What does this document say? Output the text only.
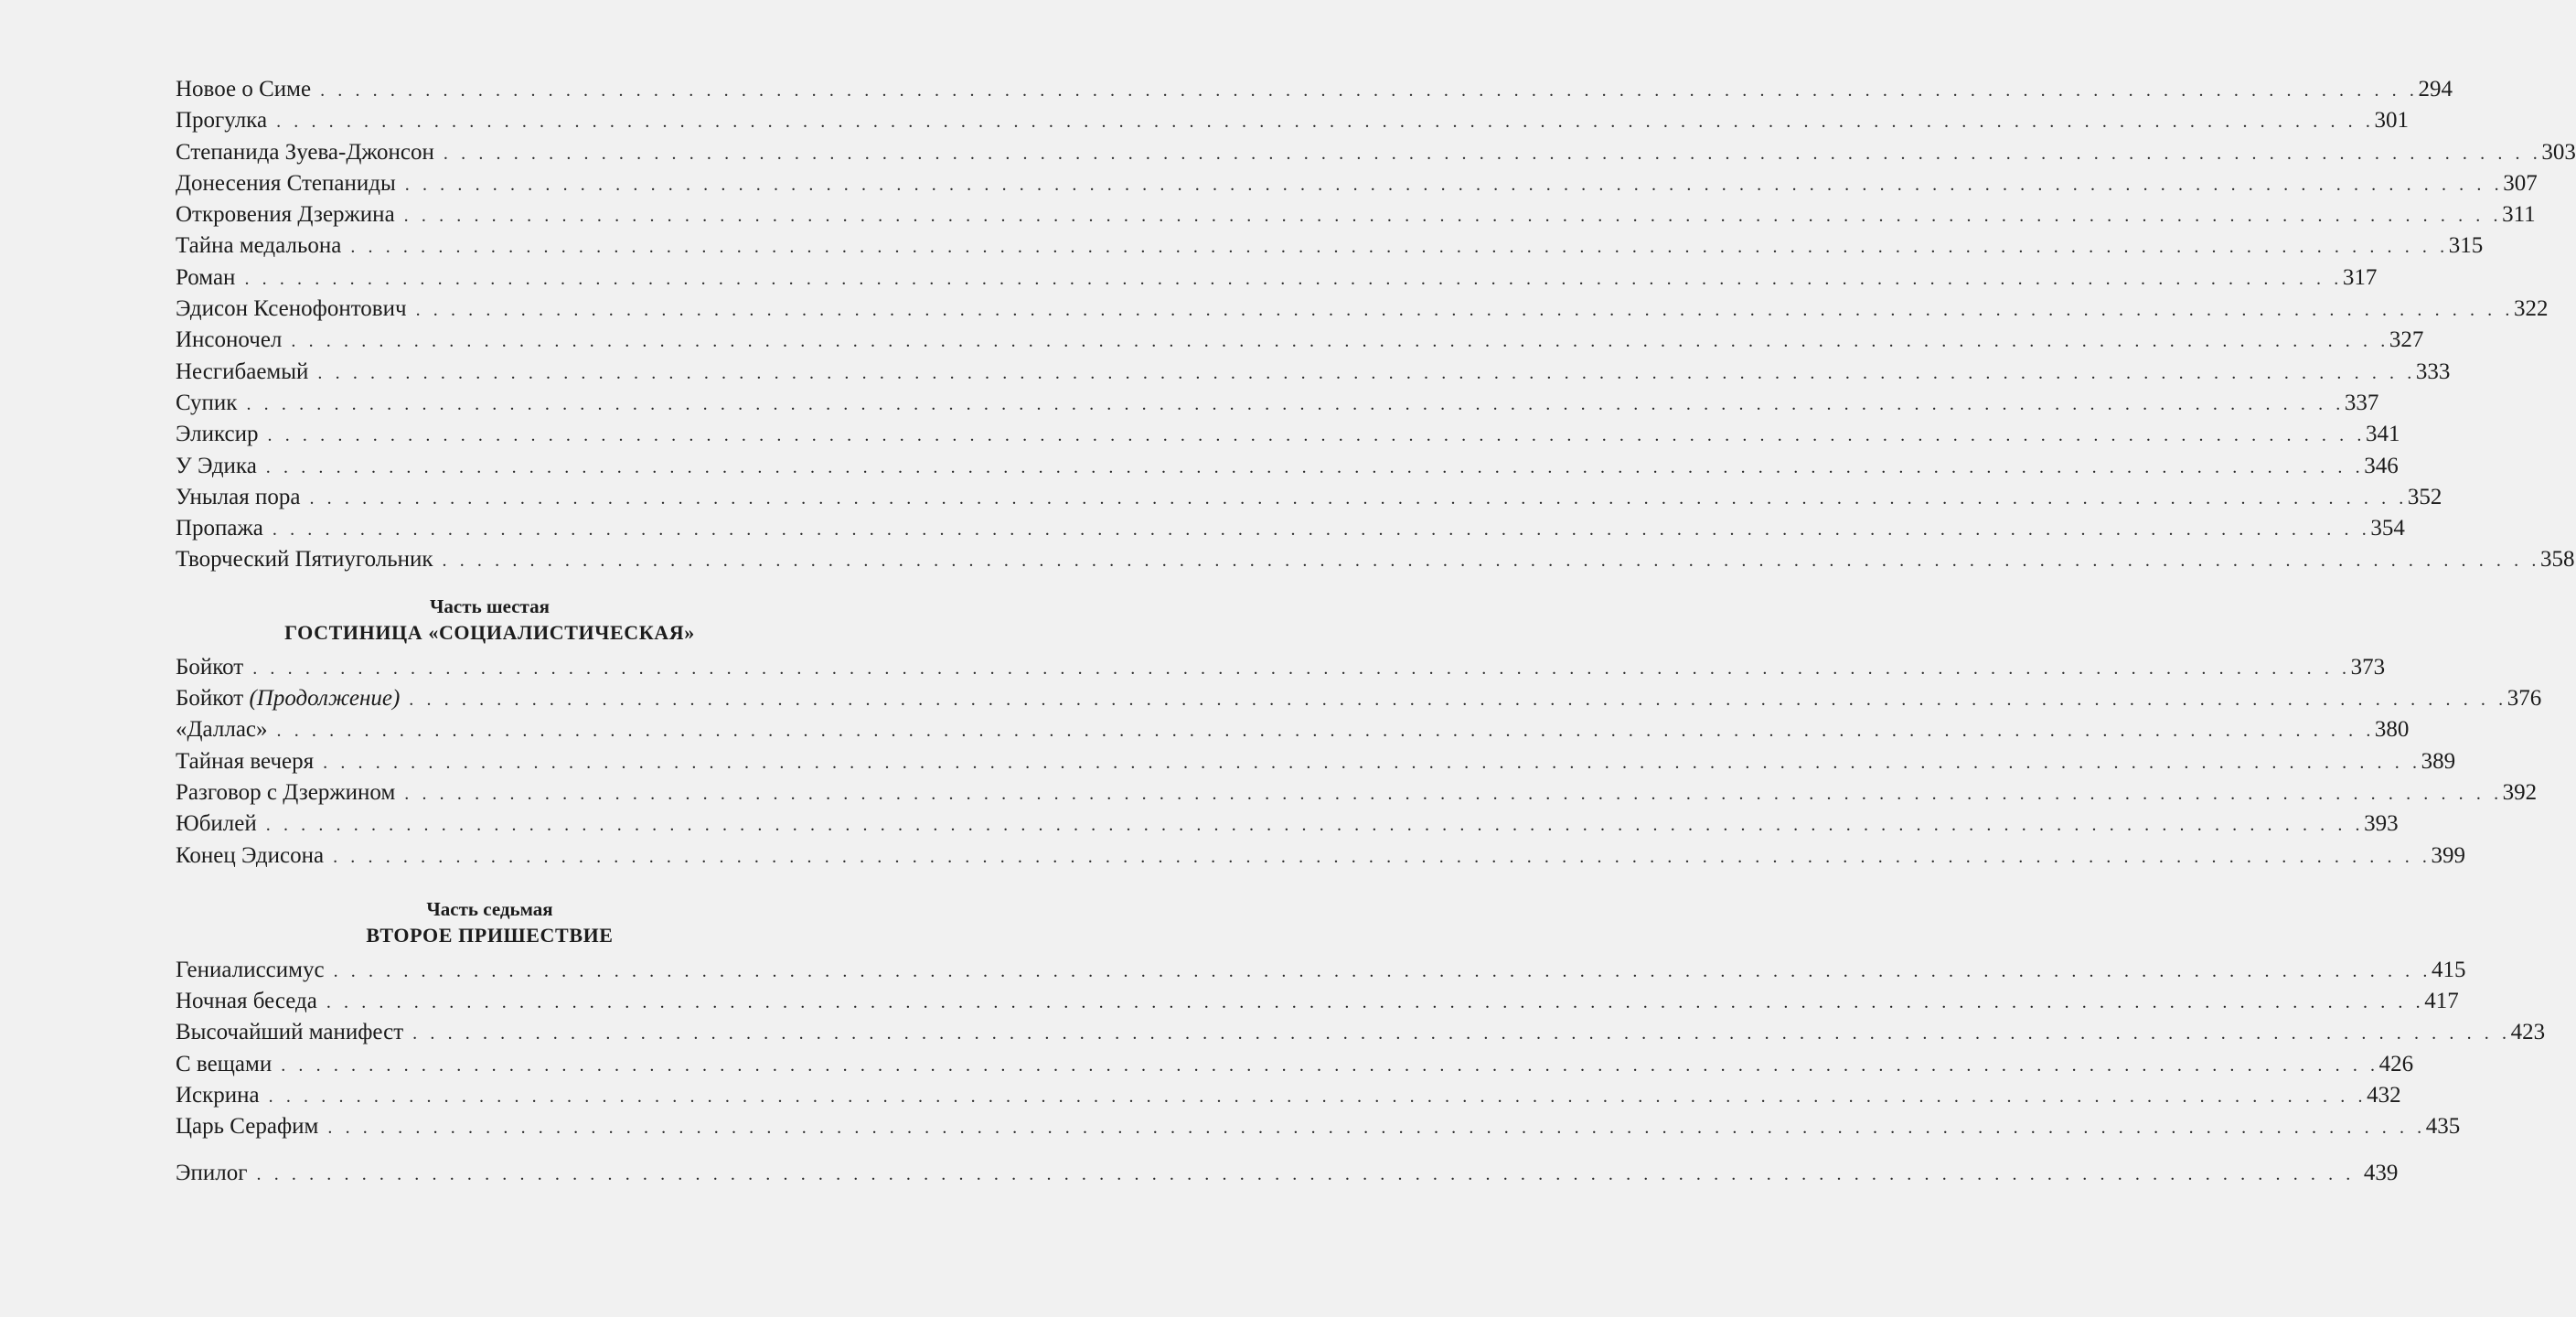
Новое о Симе . . . . . . . . . . . . . . . . . . . . . . . . . . . . . . . . . . . . . . . . . . . . . . . . . . . . . . . . . . . . . . . . . . . . . . . . . . . . . . . . . . . . . . . . . . . . . . . . . . . . . . . . . . . . . . . . . . . . . . . . 294
Прогулка . . . . . . . . . . . . . . . . . . . . . . . . . . . . . . . . . . . . . . . . . . . . . . . . . . . . . . . . . . . . . . . . . . . . . . . . . . . . . . . . . . . . . . . . . . . . . . . . . . . . . . . . . . . . . . . . . . . . . . . . 301
Степанида Зуева-Джонсон . . . . . . . . . . . . . . . . . . . . . . . . . . . . . . . . . . . . . . . . . . . . . . . . . . . . . . . . . . . . . . . . . . . . . . . . . . . . . . . . . . . . . . . . . . . . . . . . . . . . . . . . . . . . . . . . . . . . . . . . 303
Донесения Степаниды . . . . . . . . . . . . . . . . . . . . . . . . . . . . . . . . . . . . . . . . . . . . . . . . . . . . . . . . . . . . . . . . . . . . . . . . . . . . . . . . . . . . . . . . . . . . . . . . . . . . . . . . . . . . . . . . . . . . . . . . 307
Откровения Дзержина . . . . . . . . . . . . . . . . . . . . . . . . . . . . . . . . . . . . . . . . . . . . . . . . . . . . . . . . . . . . . . . . . . . . . . . . . . . . . . . . . . . . . . . . . . . . . . . . . . . . . . . . . . . . . . . . . . . . . . . . 311
Тайна медальона . . . . . . . . . . . . . . . . . . . . . . . . . . . . . . . . . . . . . . . . . . . . . . . . . . . . . . . . . . . . . . . . . . . . . . . . . . . . . . . . . . . . . . . . . . . . . . . . . . . . . . . . . . . . . . . . . . . . . . . . 315
Роман . . . . . . . . . . . . . . . . . . . . . . . . . . . . . . . . . . . . . . . . . . . . . . . . . . . . . . . . . . . . . . . . . . . . . . . . . . . . . . . . . . . . . . . . . . . . . . . . . . . . . . . . . . . . . . . . . . . . . . . . 317
Эдисон Ксенофонтович . . . . . . . . . . . . . . . . . . . . . . . . . . . . . . . . . . . . . . . . . . . . . . . . . . . . . . . . . . . . . . . . . . . . . . . . . . . . . . . . . . . . . . . . . . . . . . . . . . . . . . . . . . . . . . . . . . . . . . . . 322
Инсоночел . . . . . . . . . . . . . . . . . . . . . . . . . . . . . . . . . . . . . . . . . . . . . . . . . . . . . . . . . . . . . . . . . . . . . . . . . . . . . . . . . . . . . . . . . . . . . . . . . . . . . . . . . . . . . . . . . . . . . . . . 327
Несгибаемый . . . . . . . . . . . . . . . . . . . . . . . . . . . . . . . . . . . . . . . . . . . . . . . . . . . . . . . . . . . . . . . . . . . . . . . . . . . . . . . . . . . . . . . . . . . . . . . . . . . . . . . . . . . . . . . . . . . . . . . . 333
Супик . . . . . . . . . . . . . . . . . . . . . . . . . . . . . . . . . . . . . . . . . . . . . . . . . . . . . . . . . . . . . . . . . . . . . . . . . . . . . . . . . . . . . . . . . . . . . . . . . . . . . . . . . . . . . . . . . . . . . . . . 337
Эликсир . . . . . . . . . . . . . . . . . . . . . . . . . . . . . . . . . . . . . . . . . . . . . . . . . . . . . . . . . . . . . . . . . . . . . . . . . . . . . . . . . . . . . . . . . . . . . . . . . . . . . . . . . . . . . . . . . . . . . . . . 341
У Эдика . . . . . . . . . . . . . . . . . . . . . . . . . . . . . . . . . . . . . . . . . . . . . . . . . . . . . . . . . . . . . . . . . . . . . . . . . . . . . . . . . . . . . . . . . . . . . . . . . . . . . . . . . . . . . . . . . . . . . . . . 346
Унылая пора . . . . . . . . . . . . . . . . . . . . . . . . . . . . . . . . . . . . . . . . . . . . . . . . . . . . . . . . . . . . . . . . . . . . . . . . . . . . . . . . . . . . . . . . . . . . . . . . . . . . . . . . . . . . . . . . . . . . . . . . 352
Пропажа . . . . . . . . . . . . . . . . . . . . . . . . . . . . . . . . . . . . . . . . . . . . . . . . . . . . . . . . . . . . . . . . . . . . . . . . . . . . . . . . . . . . . . . . . . . . . . . . . . . . . . . . . . . . . . . . . . . . . . . . 354
Творческий Пятиугольник . . . . . . . . . . . . . . . . . . . . . . . . . . . . . . . . . . . . . . . . . . . . . . . . . . . . . . . . . . . . . . . . . . . . . . . . . . . . . . . . . . . . . . . . . . . . . . . . . . . . . . . . . . . . . . . . . . . . . . . . 358
Часть шестая
ГОСТИНИЦА «СОЦИАЛИСТИЧЕСКАЯ»
Бойкот . . . . . . . . . . . . . . . . . . . . . . . . . . . . . . . . . . . . . . . . . . . . . . . . . . . . . . . . . . . . . . . . . . . . . . . . . . . . . . . . . . . . . . . . . . . . . . . . . . . . . . . . . . . . . . . . . . . . . . . . 373
Бойкот (Продолжение) . . . . . . . . . . . . . . . . . . . . . . . . . . . . . . . . . . . . . . . . . . . . . . . . . . . . . . . . . . . . . . . . . . . . . . . . . . . . . . . . . . . . . . . . . . . . . . . . . . . . . . . . . . . . . . . . . . . . . . . . 376
«Даллас» . . . . . . . . . . . . . . . . . . . . . . . . . . . . . . . . . . . . . . . . . . . . . . . . . . . . . . . . . . . . . . . . . . . . . . . . . . . . . . . . . . . . . . . . . . . . . . . . . . . . . . . . . . . . . . . . . . . . . . . . 380
Тайная вечеря . . . . . . . . . . . . . . . . . . . . . . . . . . . . . . . . . . . . . . . . . . . . . . . . . . . . . . . . . . . . . . . . . . . . . . . . . . . . . . . . . . . . . . . . . . . . . . . . . . . . . . . . . . . . . . . . . . . . . . . . 389
Разговор с Дзержином . . . . . . . . . . . . . . . . . . . . . . . . . . . . . . . . . . . . . . . . . . . . . . . . . . . . . . . . . . . . . . . . . . . . . . . . . . . . . . . . . . . . . . . . . . . . . . . . . . . . . . . . . . . . . . . . . . . . . . . . 392
Юбилей . . . . . . . . . . . . . . . . . . . . . . . . . . . . . . . . . . . . . . . . . . . . . . . . . . . . . . . . . . . . . . . . . . . . . . . . . . . . . . . . . . . . . . . . . . . . . . . . . . . . . . . . . . . . . . . . . . . . . . . . 393
Конец Эдисона . . . . . . . . . . . . . . . . . . . . . . . . . . . . . . . . . . . . . . . . . . . . . . . . . . . . . . . . . . . . . . . . . . . . . . . . . . . . . . . . . . . . . . . . . . . . . . . . . . . . . . . . . . . . . . . . . . . . . . . . 399
Часть седьмая
ВТОРОЕ ПРИШЕСТВИЕ
Гениалиссимус . . . . . . . . . . . . . . . . . . . . . . . . . . . . . . . . . . . . . . . . . . . . . . . . . . . . . . . . . . . . . . . . . . . . . . . . . . . . . . . . . . . . . . . . . . . . . . . . . . . . . . . . . . . . . . . . . . . . . . . . 415
Ночная беседа . . . . . . . . . . . . . . . . . . . . . . . . . . . . . . . . . . . . . . . . . . . . . . . . . . . . . . . . . . . . . . . . . . . . . . . . . . . . . . . . . . . . . . . . . . . . . . . . . . . . . . . . . . . . . . . . . . . . . . . . 417
Высочайший манифест . . . . . . . . . . . . . . . . . . . . . . . . . . . . . . . . . . . . . . . . . . . . . . . . . . . . . . . . . . . . . . . . . . . . . . . . . . . . . . . . . . . . . . . . . . . . . . . . . . . . . . . . . . . . . . . . . . . . . . . . 423
С вещами . . . . . . . . . . . . . . . . . . . . . . . . . . . . . . . . . . . . . . . . . . . . . . . . . . . . . . . . . . . . . . . . . . . . . . . . . . . . . . . . . . . . . . . . . . . . . . . . . . . . . . . . . . . . . . . . . . . . . . . . 426
Искрина . . . . . . . . . . . . . . . . . . . . . . . . . . . . . . . . . . . . . . . . . . . . . . . . . . . . . . . . . . . . . . . . . . . . . . . . . . . . . . . . . . . . . . . . . . . . . . . . . . . . . . . . . . . . . . . . . . . . . . . . 432
Царь Серафим . . . . . . . . . . . . . . . . . . . . . . . . . . . . . . . . . . . . . . . . . . . . . . . . . . . . . . . . . . . . . . . . . . . . . . . . . . . . . . . . . . . . . . . . . . . . . . . . . . . . . . . . . . . . . . . . . . . . . . . . 435
Эпилог . . . . . . . . . . . . . . . . . . . . . . . . . . . . . . . . . . . . . . . . . . . . . . . . . . . . . . . . . . . . . . . . . . . . . . . . . . . . . . . . . . . . . . . . . . . . . . . . . . . . . . . . . . . . . . . . . . . . . . . . 439
